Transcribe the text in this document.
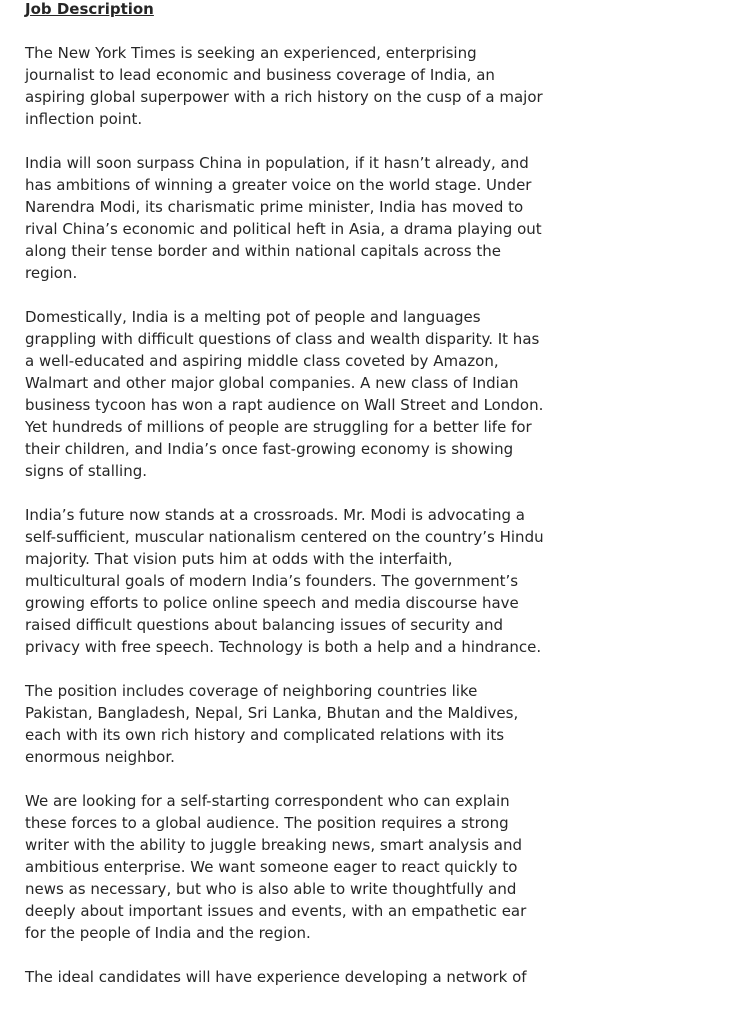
Job Description

The New York Times is seeking an experienced, enterprising journalist to lead economic and business coverage of India, an aspiring global superpower with a rich history on the cusp of a major inflection point.

India will soon surpass China in population, if it hasn’t already, and has ambitions of winning a greater voice on the world stage. Under Narendra Modi, its charismatic prime minister, India has moved to rival China’s economic and political heft in Asia, a drama playing out along their tense border and within national capitals across the region.

Domestically, India is a melting pot of people and languages grappling with difficult questions of class and wealth disparity. It has a well-educated and aspiring middle class coveted by Amazon, Walmart and other major global companies. A new class of Indian business tycoon has won a rapt audience on Wall Street and London. Yet hundreds of millions of people are struggling for a better life for their children, and India’s once fast-growing economy is showing signs of stalling.

India’s future now stands at a crossroads. Mr. Modi is advocating a self-sufficient, muscular nationalism centered on the country’s Hindu majority. That vision puts him at odds with the interfaith, multicultural goals of modern India’s founders. The government’s growing efforts to police online speech and media discourse have raised difficult questions about balancing issues of security and privacy with free speech. Technology is both a help and a hindrance.

The position includes coverage of neighboring countries like Pakistan, Bangladesh, Nepal, Sri Lanka, Bhutan and the Maldives, each with its own rich history and complicated relations with its enormous neighbor.

We are looking for a self-starting correspondent who can explain these forces to a global audience. The position requires a strong writer with the ability to juggle breaking news, smart analysis and ambitious enterprise. We want someone eager to react quickly to news as necessary, but who is also able to write thoughtfully and deeply about important issues and events, with an empathetic ear for the people of India and the region.

The ideal candidates will have experience developing a network of
